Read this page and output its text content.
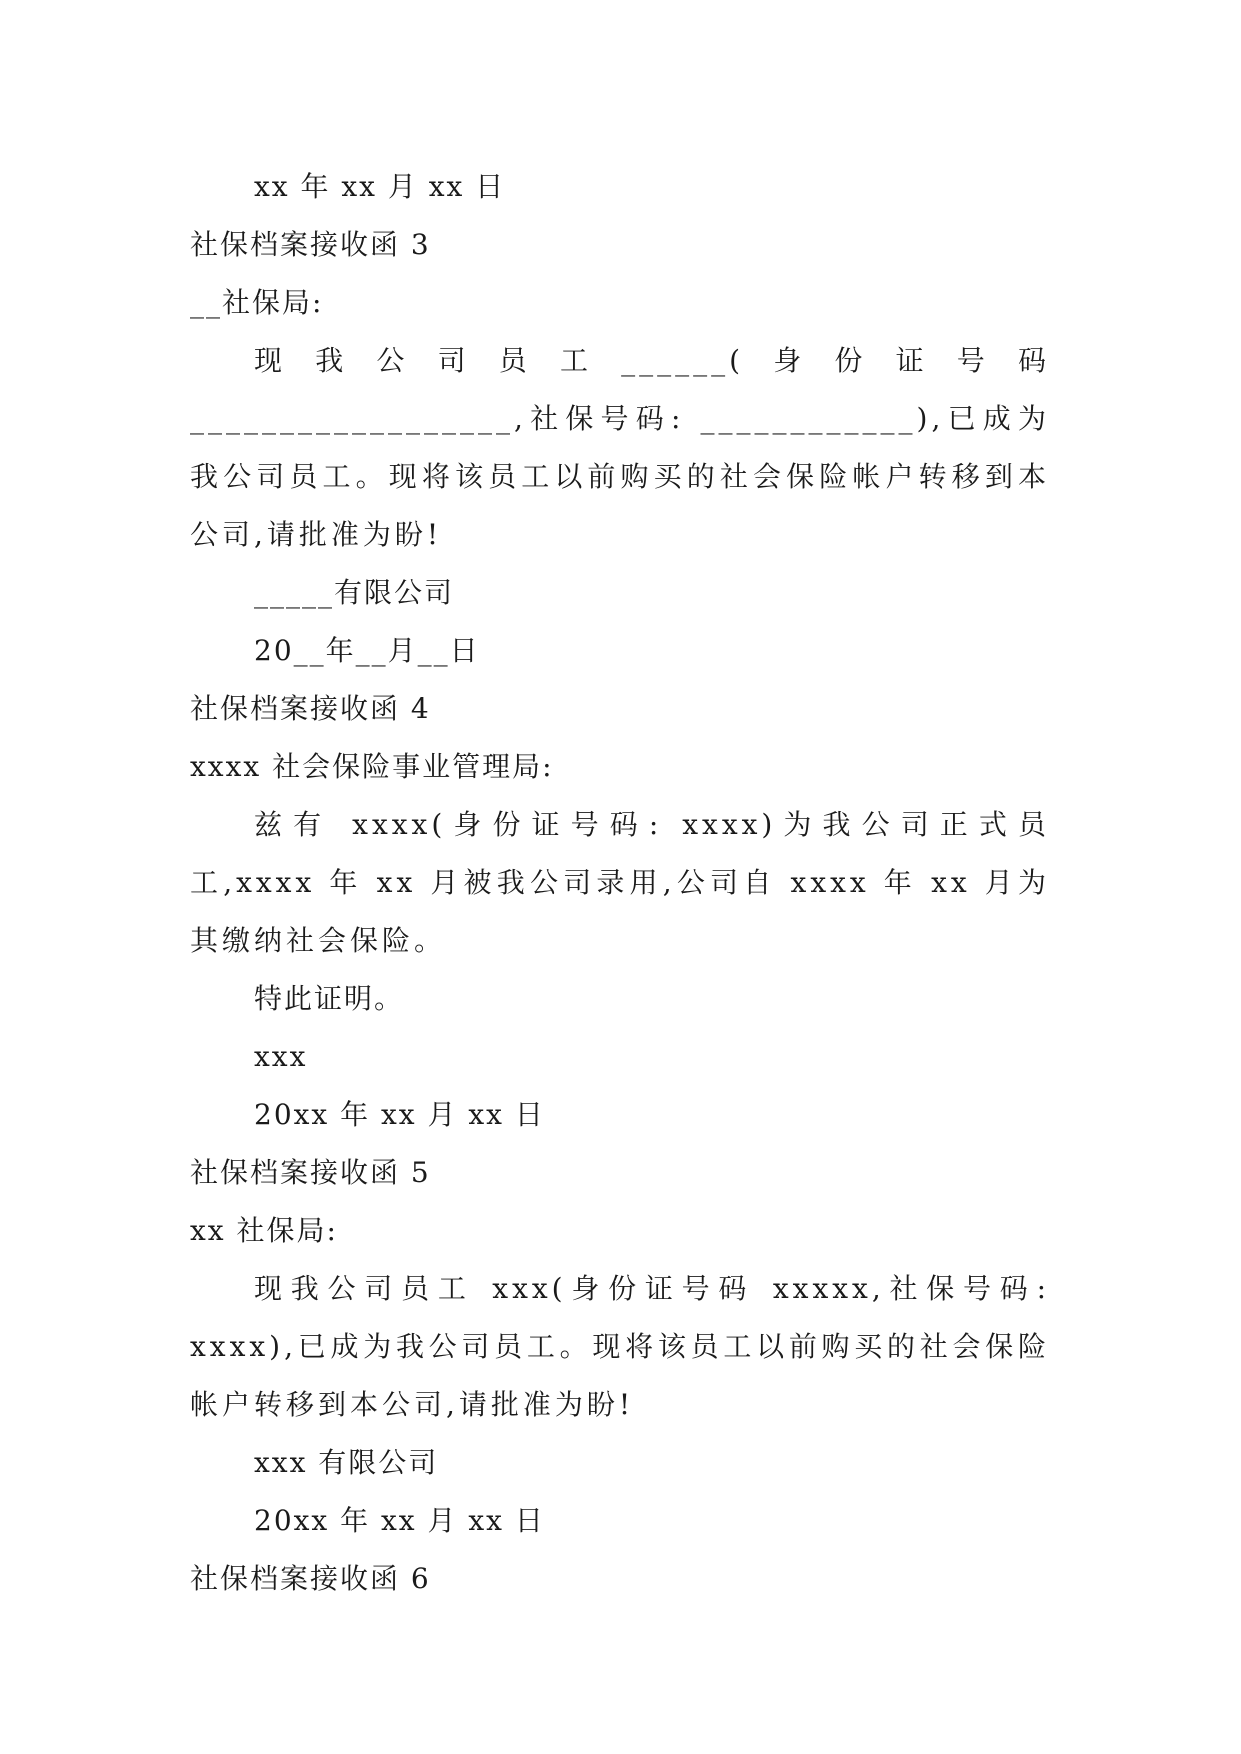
xx 年 xx 月 xx 日
社保档案接收函 3
__社保局:
现我公司员工______(身份证号码__________________,社保号码: ____________),已成为我公司员工。现将该员工以前购买的社会保险帐户转移到本公司,请批准为盼!
_____有限公司
20__年__月__日
社保档案接收函 4
xxxx 社会保险事业管理局:
兹有 xxxx(身份证号码: xxxx)为我公司正式员工,xxxx 年 xx 月被我公司录用,公司自 xxxx 年 xx 月为其缴纳社会保险。
特此证明。
xxx
20xx 年 xx 月 xx 日
社保档案接收函 5
xx 社保局:
现我公司员工 xxx(身份证号码 xxxxx,社保号码: xxxx),已成为我公司员工。现将该员工以前购买的社会保险帐户转移到本公司,请批准为盼!
xxx 有限公司
20xx 年 xx 月 xx 日
社保档案接收函 6
